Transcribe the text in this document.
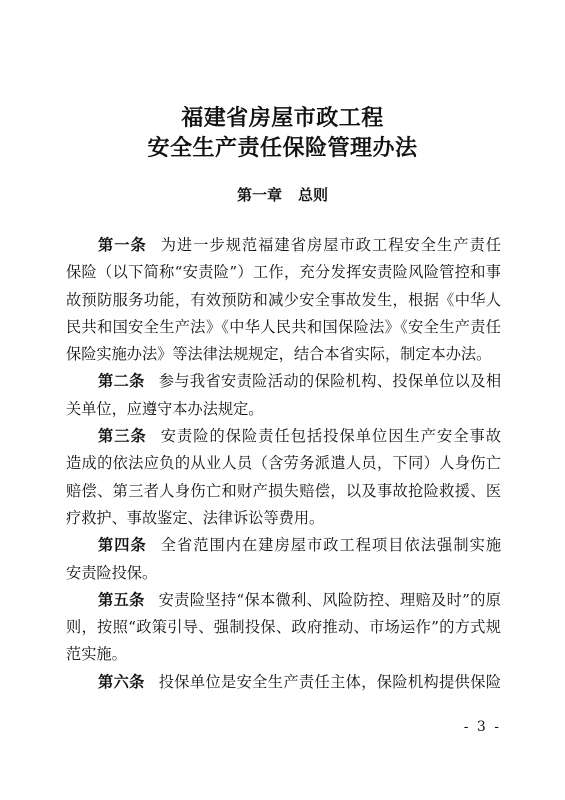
福建省房屋市政工程
安全生产责任保险管理办法
第一章 总则
第一条 为进一步规范福建省房屋市政工程安全生产责任
保险（以下简称“安责险”）工作，充分发挥安责险风险管控和事
故预防服务功能，有效预防和减少安全事故发生，根据《中华人
民共和国安全生产法》《中华人民共和国保险法》《安全生产责任
保险实施办法》等法律法规规定，结合本省实际，制定本办法。
第二条 参与我省安责险活动的保险机构、投保单位以及相
关单位，应遵守本办法规定。
第三条 安责险的保险责任包括投保单位因生产安全事故
造成的依法应负的从业人员（含劳务派遣人员，下同）人身伤亡
赔偿、第三者人身伤亡和财产损失赔偿，以及事故抢险救援、医
疗救护、事故鉴定、法律诉讼等费用。
第四条 全省范围内在建房屋市政工程项目依法强制实施
安责险投保。
第五条 安责险坚持“保本微利、风险防控、理赔及时”的原
则，按照“政策引导、强制投保、政府推动、市场运作”的方式规
范实施。
第六条 投保单位是安全生产责任主体，保险机构提供保险
- 3 -
